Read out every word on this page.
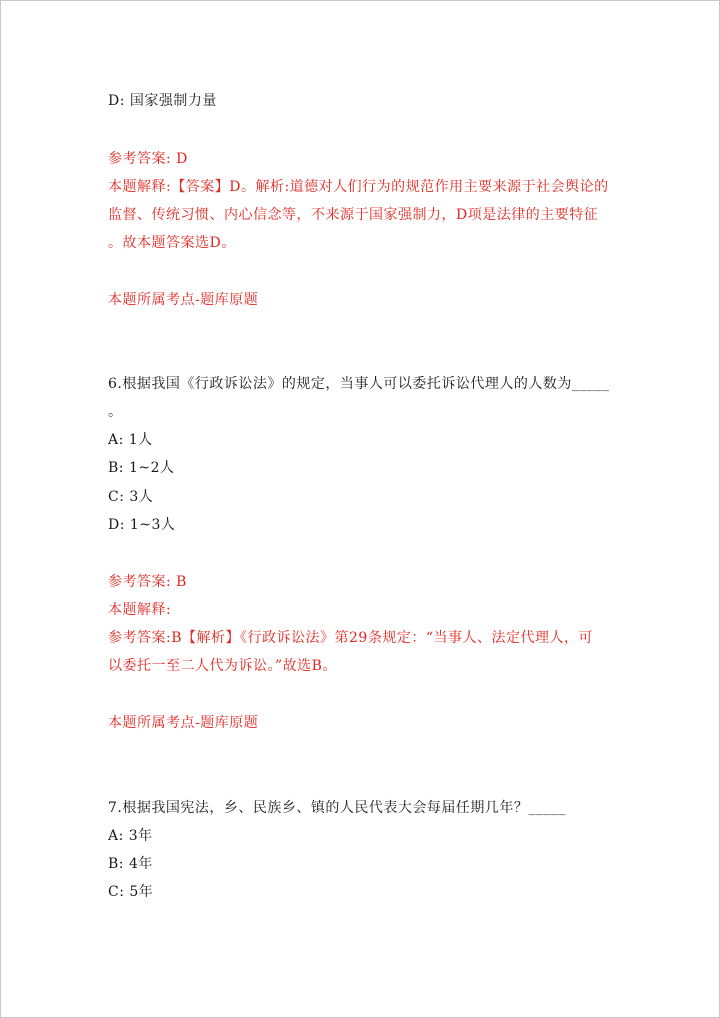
D: 国家强制力量
参考答案: D
本题解释:【答案】D。解析:道德对人们行为的规范作用主要来源于社会舆论的
监督、传统习惯、内心信念等，不来源于国家强制力，D项是法律的主要特征
。故本题答案选D。
本题所属考点-题库原题
6.根据我国《行政诉讼法》的规定，当事人可以委托诉讼代理人的人数为_____
。
A: 1人
B: 1~2人
C: 3人
D: 1~3人
参考答案: B
本题解释:
参考答案:B【解析】《行政诉讼法》第29条规定：“当事人、法定代理人，可
以委托一至二人代为诉讼。”故选B。
本题所属考点-题库原题
7.根据我国宪法，乡、民族乡、镇的人民代表大会每届任期几年？_____
A: 3年
B: 4年
C: 5年
